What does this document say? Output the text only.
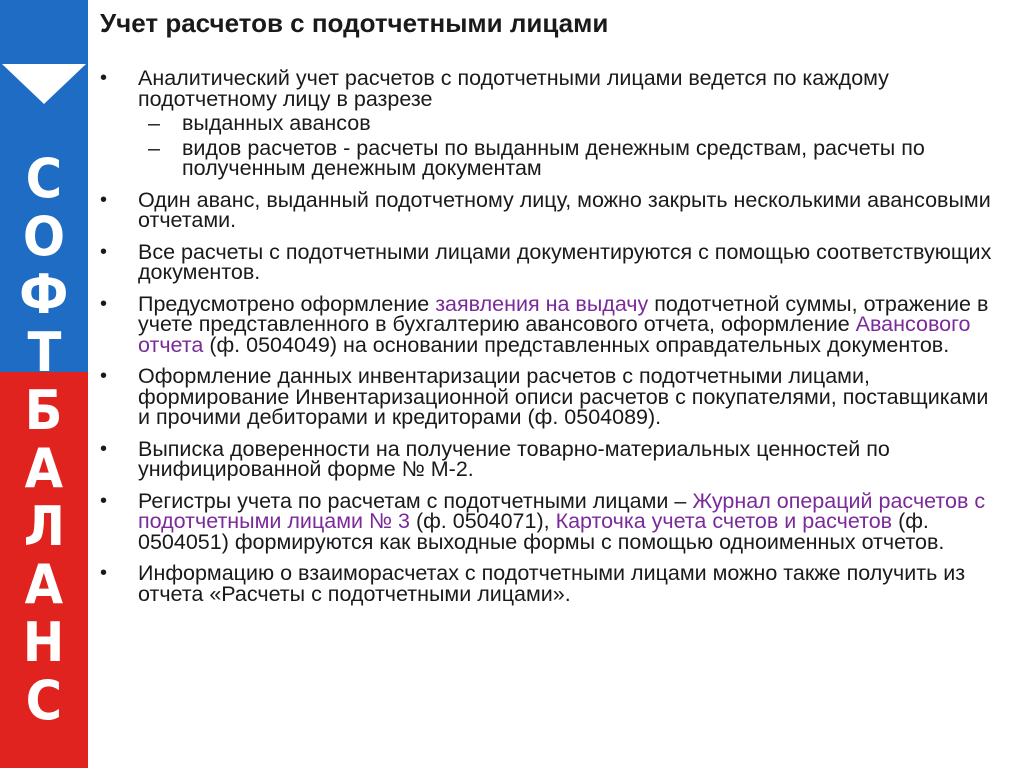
С
О
Ф
Т
Б
А
Л
А
Н
С
Учет расчетов с подотчетными лицами
• Аналитический учет расчетов с подотчетными лицами ведется по каждому подотчетному лицу в разрезе
– выданных авансов
– видов расчетов - расчеты по выданным денежным средствам, расчеты по полученным денежным документам
• Один аванс, выданный подотчетному лицу, можно закрыть несколькими авансовыми отчетами.
• Все расчеты с подотчетными лицами документируются с помощью соответствующих документов.
• Предусмотрено оформление заявления на выдачу подотчетной суммы, отражение в учете представленного в бухгалтерию авансового отчета, оформление Авансового отчета (ф. 0504049) на основании представленных оправдательных документов.
• Оформление данных инвентаризации расчетов с подотчетными лицами, формирование Инвентаризационной описи расчетов с покупателями, поставщиками и прочими дебиторами и кредиторами (ф. 0504089).
• Выписка доверенности на получение товарно-материальных ценностей по унифицированной форме № М-2.
• Регистры учета по расчетам с подотчетными лицами – Журнал операций расчетов с подотчетными лицами № 3 (ф. 0504071), Карточка учета счетов и расчетов (ф. 0504051) формируются как выходные формы с помощью одноименных отчетов.
• Информацию о взаиморасчетах с подотчетными лицами можно также получить из отчета «Расчеты с подотчетными лицами».
